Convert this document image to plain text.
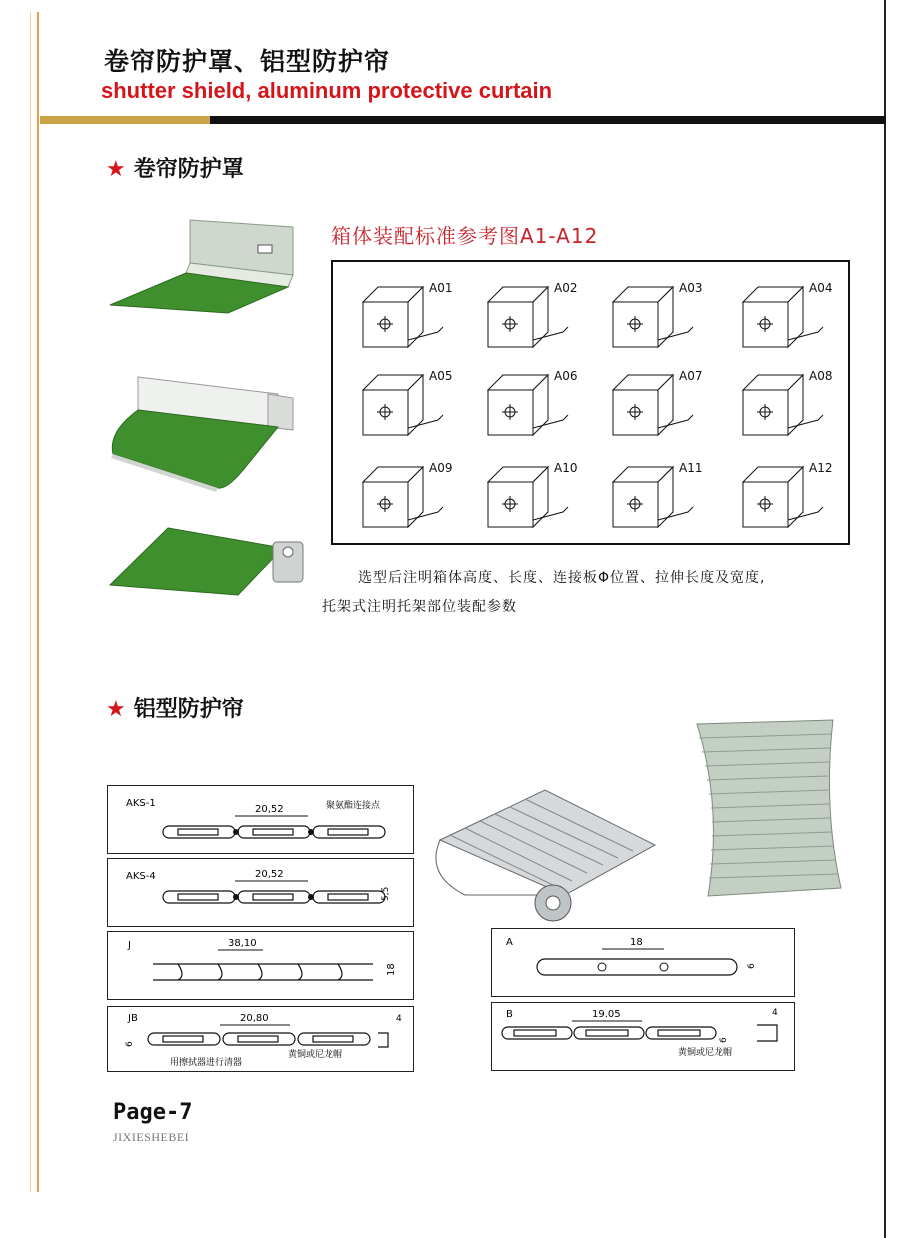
卷帘防护罩、铝型防护帘
shutter shield, aluminum protective curtain
★ 卷帘防护罩
箱体装配标准参考图A1-A12
A01	A02	A03	A04
A05	A06	A07	A08
A09	A10	A11	A12
选型后注明箱体高度、长度、连接板Φ位置、拉伸长度及宽度,
托架式注明托架部位装配参数
★ 铝型防护帘
AKS-1
20,52	聚氨酯连接点
AKS-4	20,52
5,5
J	38,10
18
JB	20,80
6
4
用擦拭器进行清器
黄铜或尼龙帽
A	18
6
B	19.05
6
4
黄铜或尼龙帽
Page-7
JIXIESHEBEI
